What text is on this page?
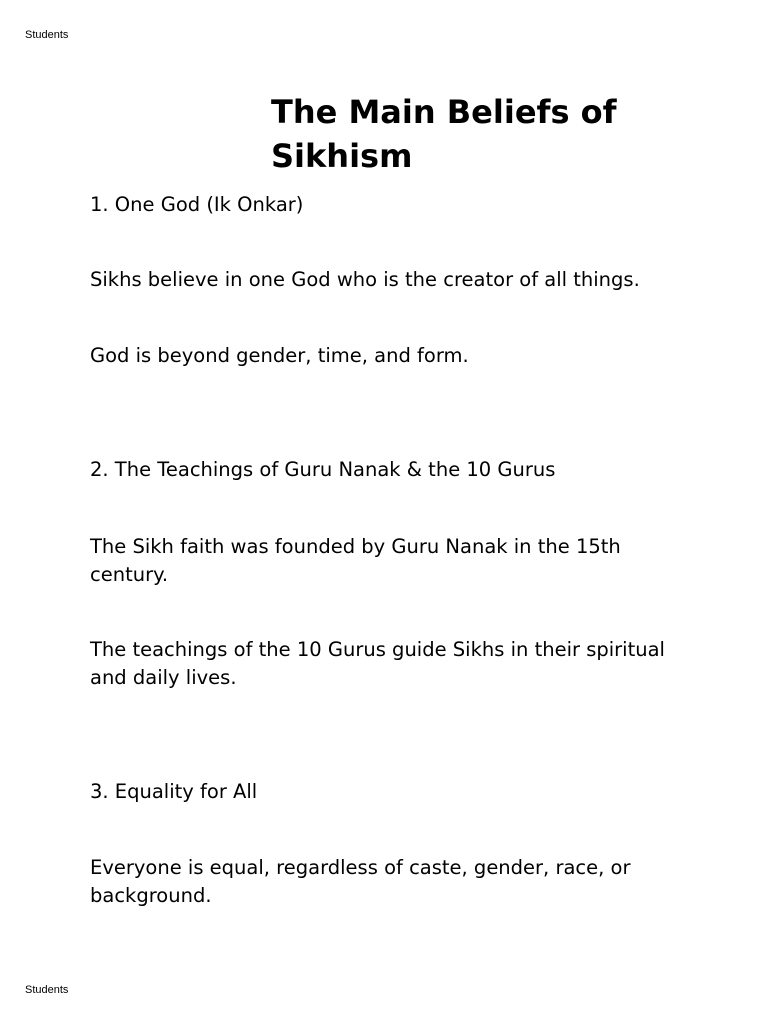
Students
The Main Beliefs of Sikhism

1. One God (Ik Onkar)

Sikhs believe in one God who is the creator of all things.

God is beyond gender, time, and form.

2. The Teachings of Guru Nanak & the 10 Gurus

The Sikh faith was founded by Guru Nanak in the 15th century.

The teachings of the 10 Gurus guide Sikhs in their spiritual and daily lives.

3. Equality for All

Everyone is equal, regardless of caste, gender, race, or background.

Students
